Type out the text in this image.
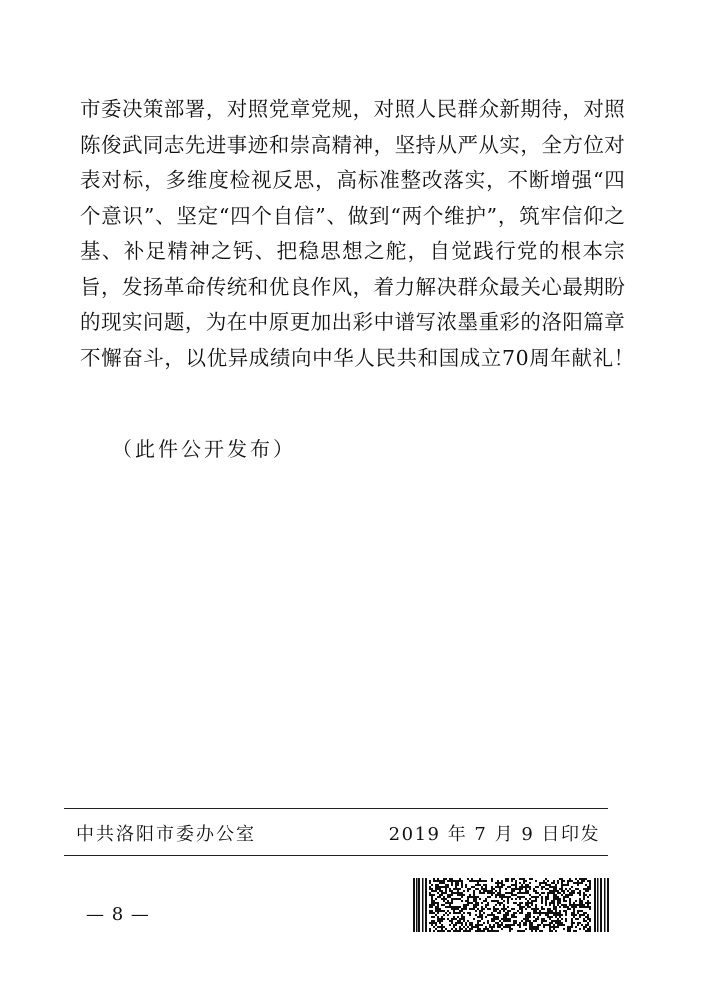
市委决策部署，对照党章党规，对照人民群众新期待，对照
陈俊武同志先进事迹和崇高精神，坚持从严从实，全方位对
表对标，多维度检视反思，高标准整改落实，不断增强“四
个意识”、坚定“四个自信”、做到“两个维护”，筑牢信仰之
基、补足精神之钙、把稳思想之舵，自觉践行党的根本宗
旨，发扬革命传统和优良作风，着力解决群众最关心最期盼
的现实问题，为在中原更加出彩中谱写浓墨重彩的洛阳篇章
不懈奋斗，以优异成绩向中华人民共和国成立70周年献礼！
（此件公开发布）
中共洛阳市委办公室	2019 年 7 月 9 日印发
— 8 —
